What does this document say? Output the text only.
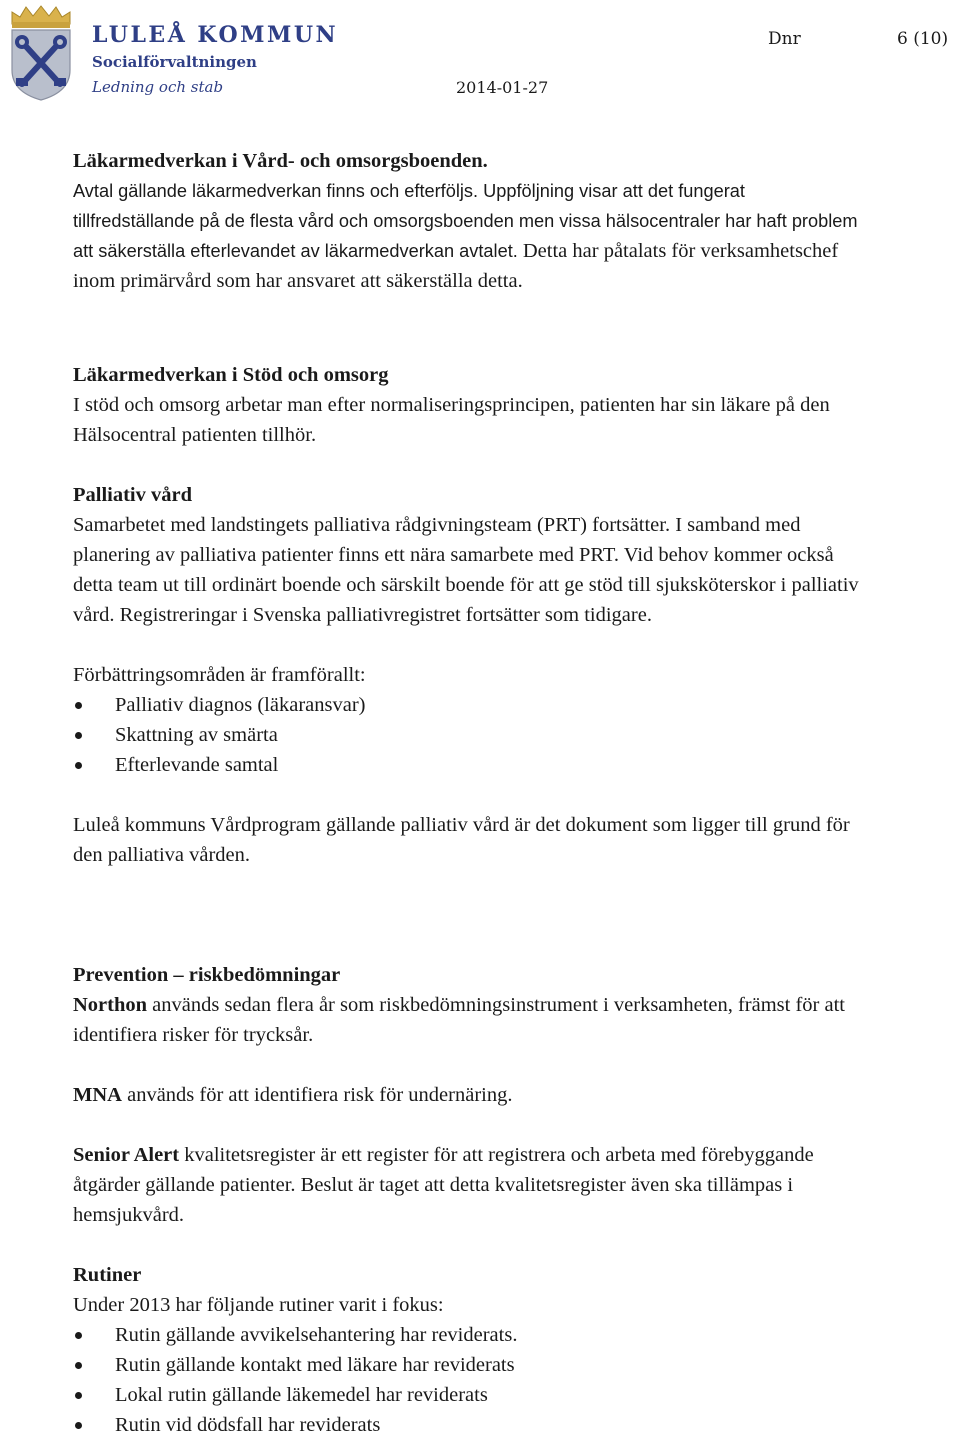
LULEÅ KOMMUN
Socialförvaltningen
Ledning och stab	2014-01-27
Dnr	6 (10)

Läkarmedverkan i Vård- och omsorgsboenden.

Avtal gällande läkarmedverkan finns och efterföljs. Uppföljning visar att det fungerat tillfredställande på de flesta vård och omsorgsboenden men vissa hälsocentraler har haft problem att säkerställa efterlevandet av läkarmedverkan avtalet. Detta har påtalats för verksamhetschef inom primärvård som har ansvaret att säkerställa detta.

Läkarmedverkan i Stöd och omsorg

I stöd och omsorg arbetar man efter normaliseringsprincipen, patienten har sin läkare på den Hälsocentral patienten tillhör.

Palliativ vård

Samarbetet med landstingets palliativa rådgivningsteam (PRT) fortsätter. I samband med planering av palliativa patienter finns ett nära samarbete med PRT. Vid behov kommer också detta team ut till ordinärt boende och särskilt boende för att ge stöd till sjuksköterskor i palliativ vård. Registreringar i Svenska palliativregistret fortsätter som tidigare.

Förbättringsområden är framförallt:

Palliativ diagnos (läkaransvar)
Skattning av smärta
Efterlevande samtal

Luleå kommuns Vårdprogram gällande palliativ vård är det dokument som ligger till grund för den palliativa vården.

Prevention – riskbedömningar

Northon används sedan flera år som riskbedömningsinstrument i verksamheten, främst för att identifiera risker för trycksår.

MNA används för att identifiera risk för undernäring.

Senior Alert kvalitetsregister är ett register för att registrera och arbeta med förebyggande åtgärder gällande patienter. Beslut är taget att detta kvalitetsregister även ska tillämpas i hemsjukvård.

Rutiner

Under 2013 har följande rutiner varit i fokus:

Rutin gällande avvikelsehantering har reviderats.
Rutin gällande kontakt med läkare har reviderats
Lokal rutin gällande läkemedel har reviderats
Rutin vid dödsfall har reviderats
